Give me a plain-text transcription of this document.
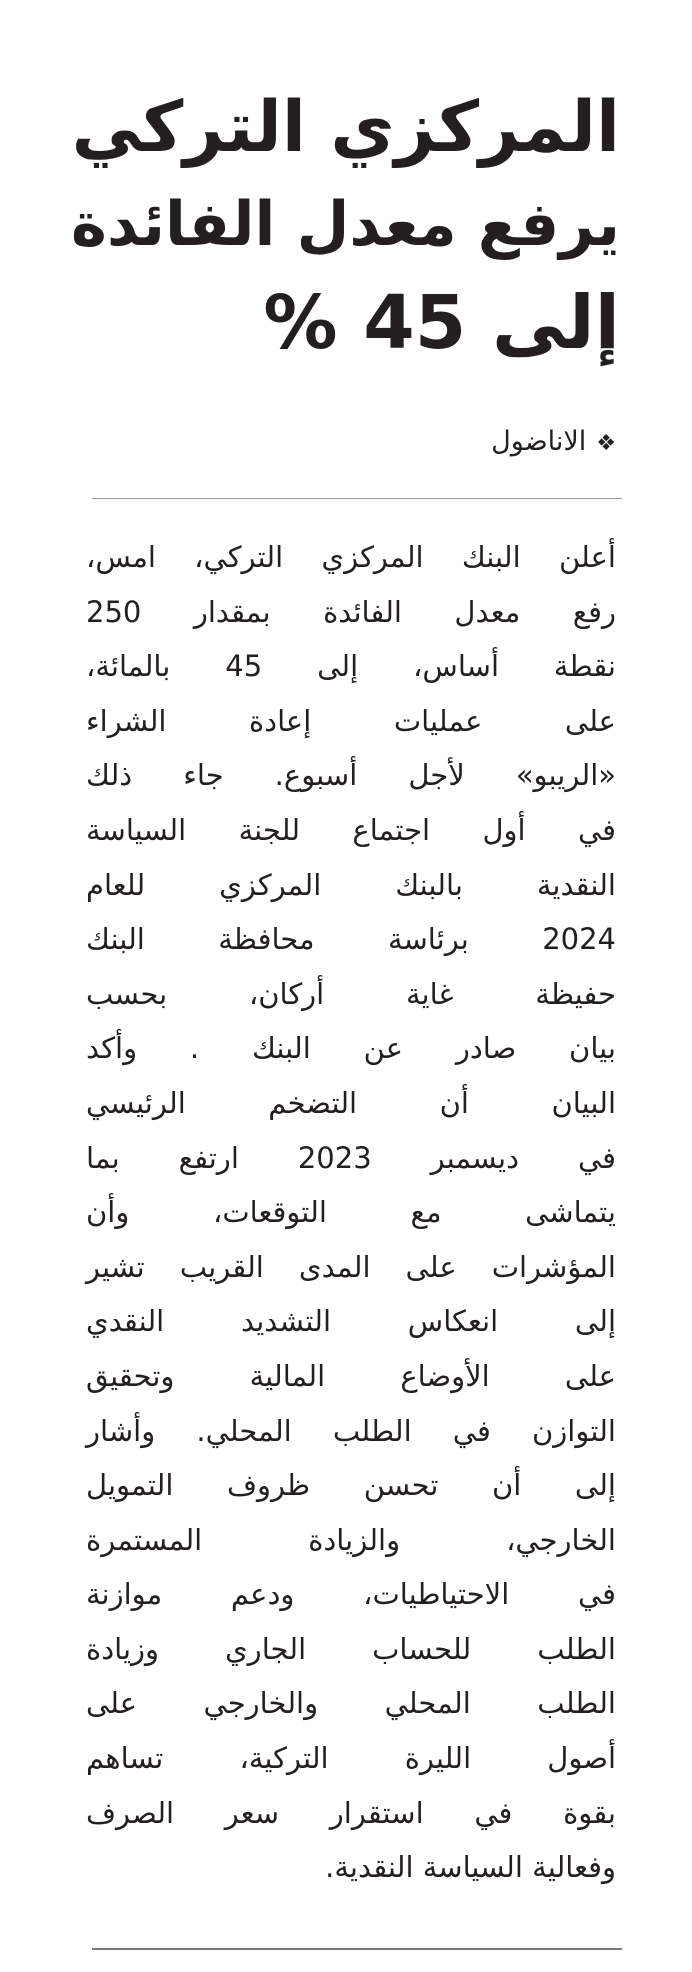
المركزي التركي
يرفع معدل الفائدة
إلى 45 %
❖الاناضول
أعلن البنك المركزي التركي، امس،
رفع معدل الفائدة بمقدار 250
نقطة أساس، إلى 45 بالمائة،
على عمليات إعادة الشراء
«الريبو» لأجل أسبوع. جاء ذلك
في أول اجتماع للجنة السياسة
النقدية بالبنك المركزي للعام
2024 برئاسة محافظة البنك
حفيظة غاية أركان، بحسب
بيان صادر عن البنك . وأكد
البيان أن التضخم الرئيسي
في ديسمبر 2023 ارتفع بما
يتماشى مع التوقعات، وأن
المؤشرات على المدى القريب تشير
إلى انعكاس التشديد النقدي
على الأوضاع المالية وتحقيق
التوازن في الطلب المحلي. وأشار
إلى أن تحسن ظروف التمويل
الخارجي، والزيادة المستمرة
في الاحتياطيات، ودعم موازنة
الطلب للحساب الجاري وزيادة
الطلب المحلي والخارجي على
أصول الليرة التركية، تساهم
بقوة في استقرار سعر الصرف
وفعالية السياسة النقدية.
